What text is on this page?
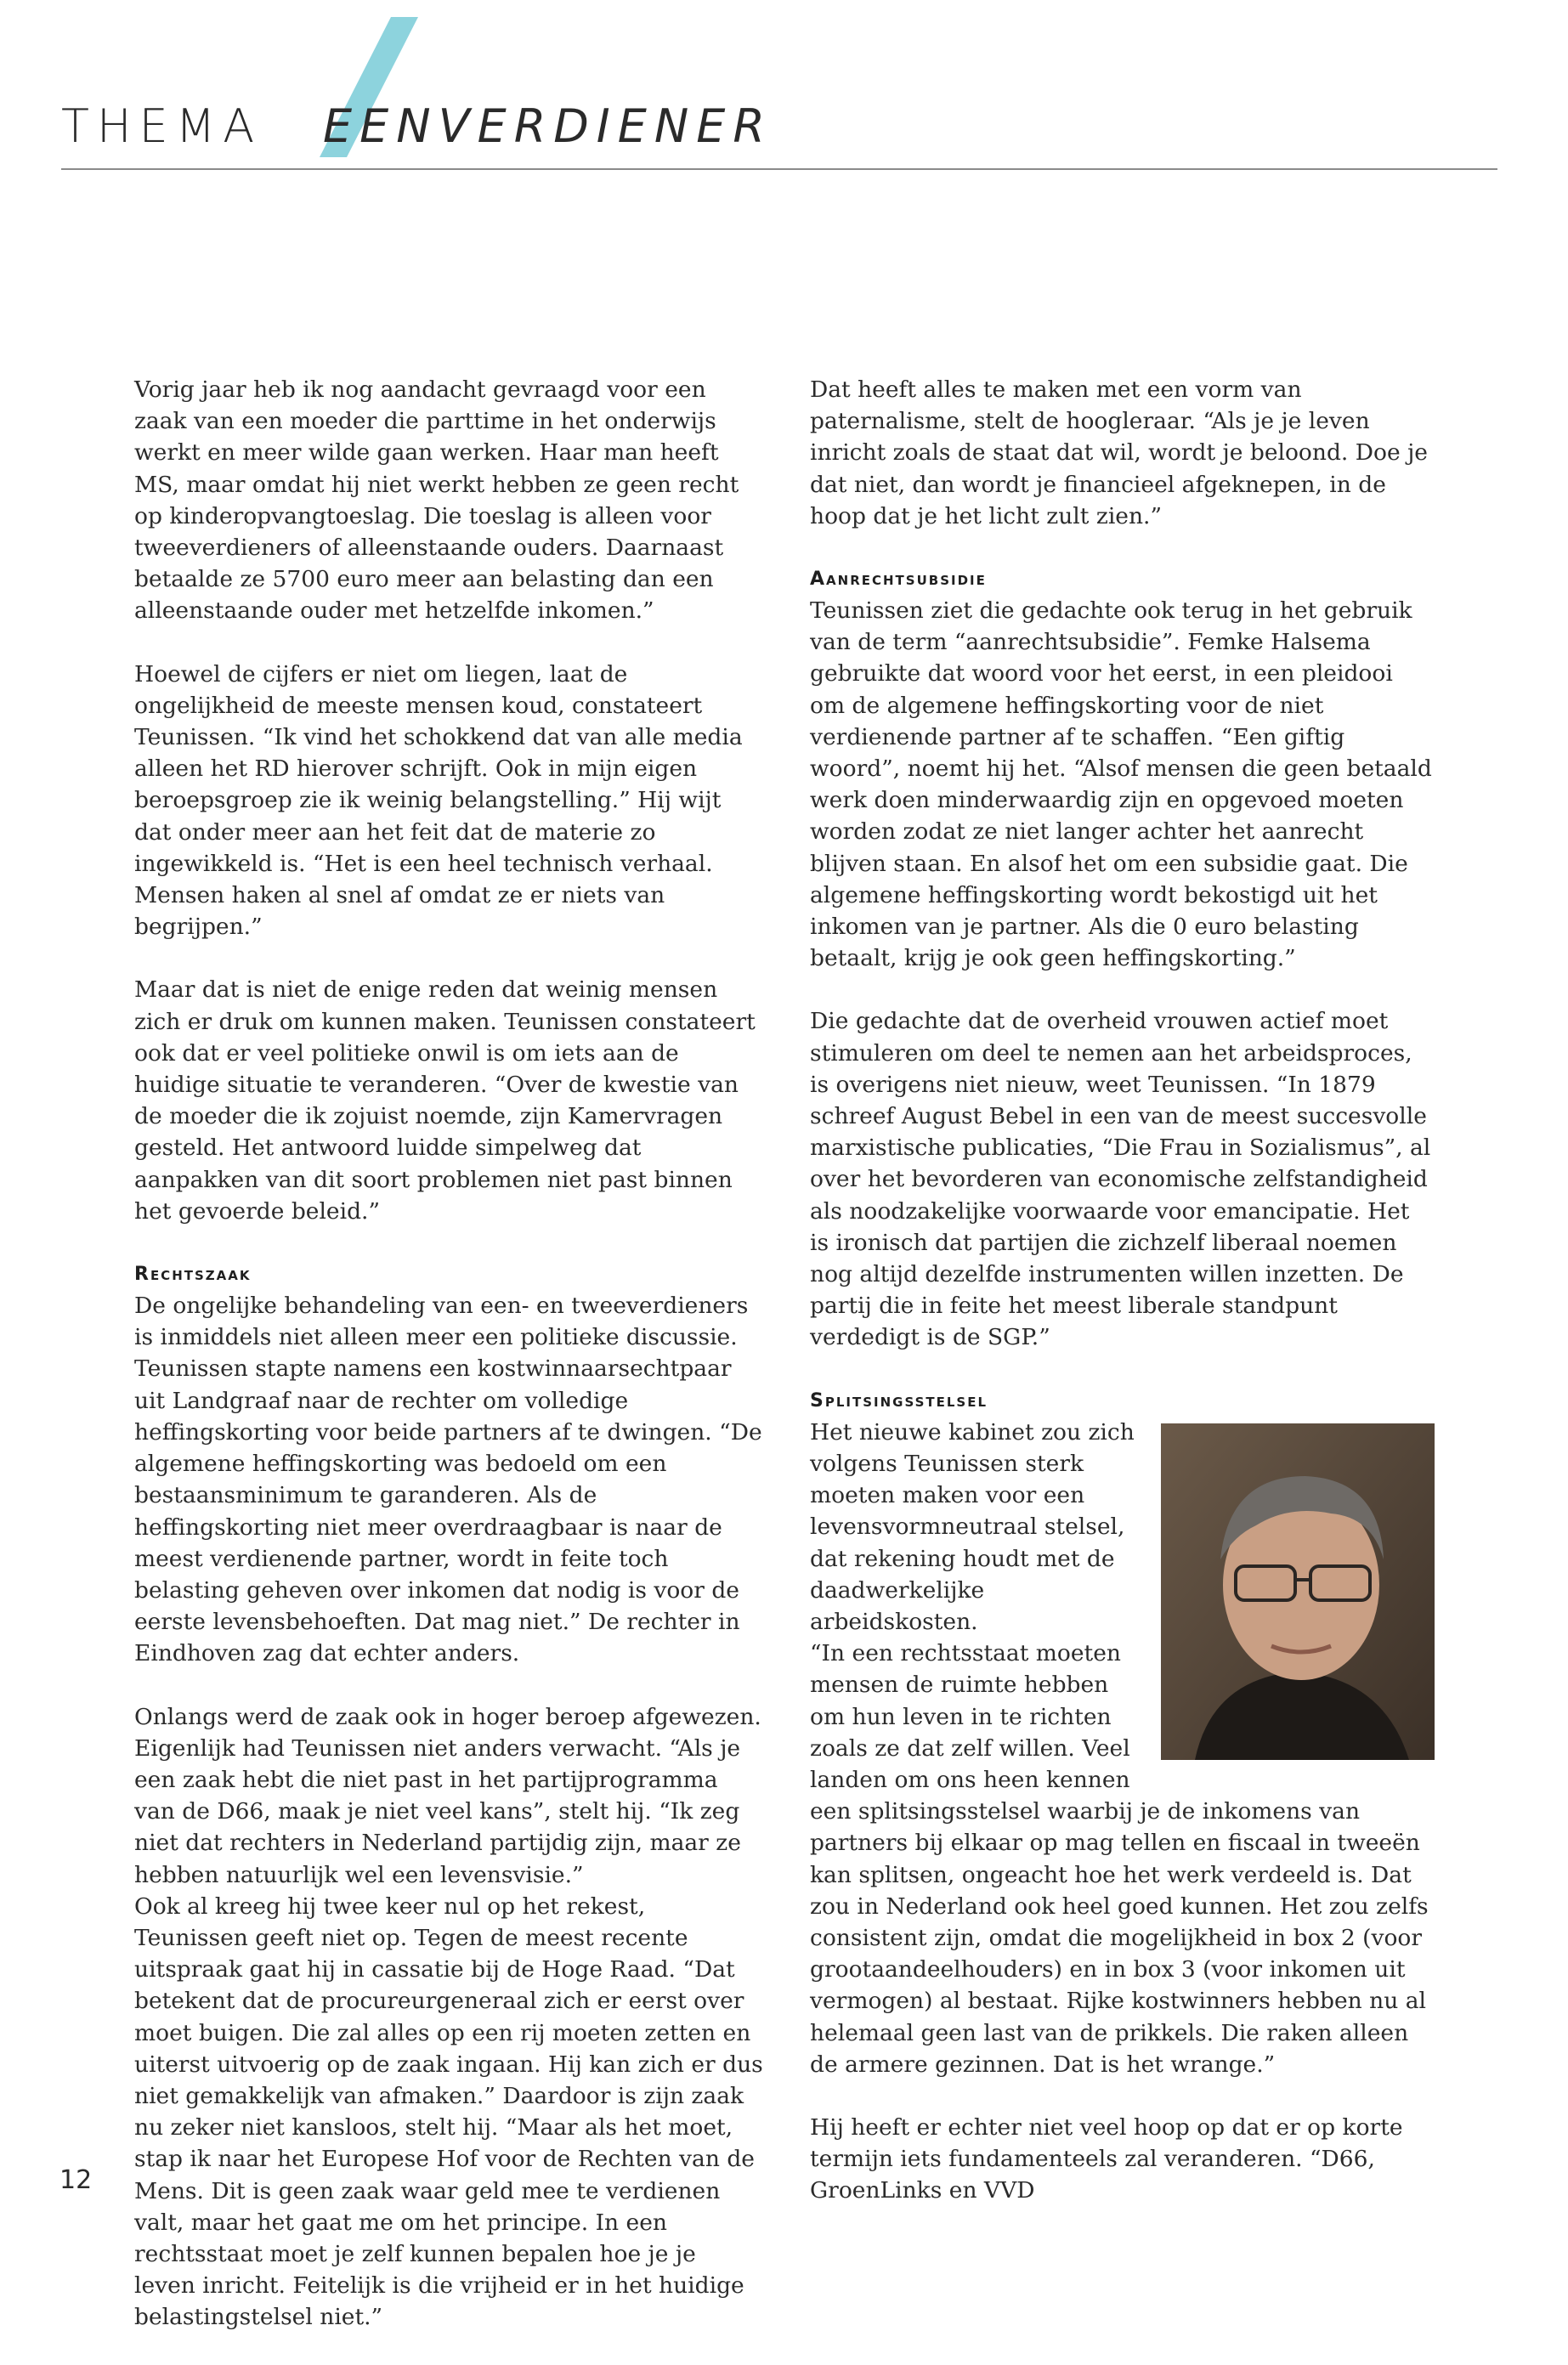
THEMA EENVERDIENER

Vorig jaar heb ik nog aandacht gevraagd voor een zaak van een moeder die parttime in het onderwijs werkt en meer wilde gaan werken. Haar man heeft MS, maar omdat hij niet werkt hebben ze geen recht op kinderopvangtoeslag. Die toeslag is alleen voor tweeverdieners of alleenstaande ouders. Daarnaast betaalde ze 5700 euro meer aan belasting dan een alleenstaande ouder met hetzelfde inkomen.”

Hoewel de cijfers er niet om liegen, laat de ongelijkheid de meeste mensen koud, constateert Teunissen. “Ik vind het schokkend dat van alle media alleen het RD hierover schrijft. Ook in mijn eigen beroepsgroep zie ik weinig belangstelling.” Hij wijt dat onder meer aan het feit dat de materie zo ingewikkeld is. “Het is een heel technisch verhaal. Mensen haken al snel af omdat ze er niets van begrijpen.”

Maar dat is niet de enige reden dat weinig mensen zich er druk om kunnen maken. Teunissen constateert ook dat er veel politieke onwil is om iets aan de huidige situatie te veranderen. “Over de kwestie van de moeder die ik zojuist noemde, zijn Kamervragen gesteld. Het antwoord luidde simpelweg dat aanpakken van dit soort problemen niet past binnen het gevoerde beleid.”

Rechtszaak

De ongelijke behandeling van een- en tweeverdieners is inmiddels niet alleen meer een politieke discussie. Teunissen stapte namens een kostwinnaarsechtpaar uit Landgraaf naar de rechter om volledige heffingskorting voor beide partners af te dwingen. “De algemene heffingskorting was bedoeld om een bestaansminimum te garanderen. Als de heffingskorting niet meer overdraagbaar is naar de meest verdienende partner, wordt in feite toch belasting geheven over inkomen dat nodig is voor de eerste levensbehoeften. Dat mag niet.” De rechter in Eindhoven zag dat echter anders.

Onlangs werd de zaak ook in hoger beroep afgewezen. Eigenlijk had Teunissen niet anders verwacht. “Als je een zaak hebt die niet past in het partijprogramma van de D66, maak je niet veel kans”, stelt hij. “Ik zeg niet dat rechters in Nederland partijdig zijn, maar ze hebben natuurlijk wel een levensvisie.”

Ook al kreeg hij twee keer nul op het rekest, Teunissen geeft niet op. Tegen de meest recente uitspraak gaat hij in cassatie bij de Hoge Raad. “Dat betekent dat de procureurgeneraal zich er eerst over moet buigen. Die zal alles op een rij moeten zetten en uiterst uitvoerig op de zaak ingaan. Hij kan zich er dus niet gemakkelijk van afmaken.” Daardoor is zijn zaak nu zeker niet kansloos, stelt hij. “Maar als het moet, stap ik naar het Europese Hof voor de Rechten van de Mens. Dit is geen zaak waar geld mee te verdienen valt, maar het gaat me om het principe. In een rechtsstaat moet je zelf kunnen bepalen hoe je je leven inricht. Feitelijk is die vrijheid er in het huidige belastingstelsel niet.”

Dat heeft alles te maken met een vorm van paternalisme, stelt de hoogleraar. “Als je je leven inricht zoals de staat dat wil, wordt je beloond. Doe je dat niet, dan wordt je financieel afgeknepen, in de hoop dat je het licht zult zien.”

Aanrechtsubsidie

Teunissen ziet die gedachte ook terug in het gebruik van de term “aanrechtsubsidie”. Femke Halsema gebruikte dat woord voor het eerst, in een pleidooi om de algemene heffingskorting voor de niet verdienende partner af te schaffen. “Een giftig woord”, noemt hij het. “Alsof mensen die geen betaald werk doen minderwaardig zijn en opgevoed moeten worden zodat ze niet langer achter het aanrecht blijven staan. En alsof het om een subsidie gaat. Die algemene heffingskorting wordt bekostigd uit het inkomen van je partner. Als die 0 euro belasting betaalt, krijg je ook geen heffingskorting.”

Die gedachte dat de overheid vrouwen actief moet stimuleren om deel te nemen aan het arbeidsproces, is overigens niet nieuw, weet Teunissen. “In 1879 schreef August Bebel in een van de meest succesvolle marxistische publicaties, “Die Frau in Sozialismus”, al over het bevorderen van economische zelfstandigheid als noodzakelijke voorwaarde voor emancipatie. Het is ironisch dat partijen die zichzelf liberaal noemen nog altijd dezelfde instrumenten willen inzetten. De partij die in feite het meest liberale standpunt verdedigt is de SGP.”

Splitsingsstelsel

Het nieuwe kabinet zou zich volgens Teunissen sterk moeten maken voor een levensvormneutraal stelsel, dat rekening houdt met de daadwerkelijke arbeidskosten.

“In een rechtsstaat moeten mensen de ruimte hebben om hun leven in te richten zoals ze dat zelf willen. Veel landen om ons heen kennen een splitsingsstelsel waarbij je de inkomens van partners bij elkaar op mag tellen en fiscaal in tweeën kan splitsen, ongeacht hoe het werk verdeeld is. Dat zou in Nederland ook heel goed kunnen. Het zou zelfs consistent zijn, omdat die mogelijkheid in box 2 (voor grootaandeelhouders) en in box 3 (voor inkomen uit vermogen) al bestaat. Rijke kostwinners hebben nu al helemaal geen last van de prikkels. Die raken alleen de armere gezinnen. Dat is het wrange.”

Hij heeft er echter niet veel hoop op dat er op korte termijn iets fundamenteels zal veranderen. “D66, GroenLinks en VVD

12
